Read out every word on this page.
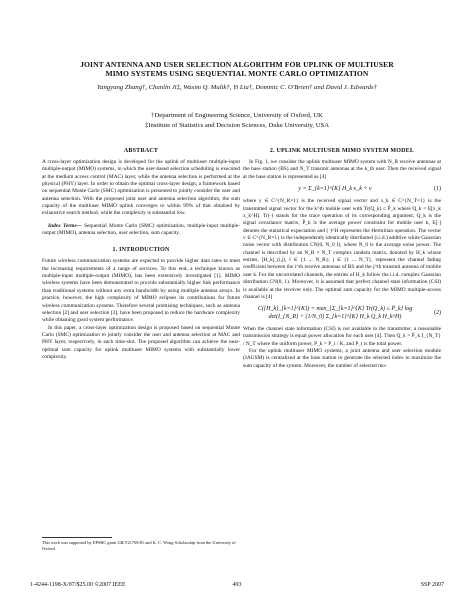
JOINT ANTENNA AND USER SELECTION ALGORITHM FOR UPLINK OF MULTIUSER
MIMO SYSTEMS USING SEQUENTIAL MONTE CARLO OPTIMIZATION
Yangyang Zhang†, Chunlin Ji‡, Wasim Q. Malik†, Yi Liu†, Dominic C. O'Brien† and David J. Edwards†
†Department of Engineering Science, University of Oxford, UK
‡Institute of Statistics and Decision Sciences, Duke University, USA
ABSTRACT

A cross-layer optimization design is developed for the uplink of multiuser multiple-input multiple-output (MIMO) systems, in which the user-based selection scheduling is executed at the medium access control (MAC) layer, while the antenna selection is performed at the physical (PHY) layer. In order to obtain the optimal cross-layer design, a framework based on sequential Monte Carlo (SMC) optimization is presented to jointly consider the user and antenna selection. With the proposed joint user and antenna selection algorithm, the sum capacity of the multiuser MIMO uplink converges to within 99% of that obtained by exhaustive search method, while the complexity is substantial low.

Index Terms— Sequential Monte Carlo (SMC) optimization, multiple-input multiple-output (MIMO), antenna selection, user selection, sum capacity.

1. INTRODUCTION

Future wireless communication systems are expected to provide higher data rates to meet the increasing requirements of a range of services. To this end, a technique known as multiple-input multiple-output (MIMO), has been extensively investigated [1]. MIMO wireless systems have been demonstrated to provide substantially higher link performance than traditional systems without any extra bandwidth by using multiple antenna arrays. In practice, however, the high complexity of MIMO eclipses its contributions for future wireless communication systems. Therefore several promising techniques, such as antenna selection [2] and user selection [3], have been proposed to reduce the hardware complexity while obtaining good system performance.

In this paper, a cross-layer optimization design is proposed based on sequential Monte Carlo (SMC) optimization to jointly consider the user and antenna selection at MAC and PHY layer, respectively, in each time-slot. The proposed algorithm can achieve the near-optimal sum capacity for uplink multiuser MIMO systems with substantially lower complexity.

This work was supported by EPSRC grant GR/T21769/01 and K. C. Wong Scholarship from the University of Oxford.
2. UPLINK MULTIUSER MIMO SYSTEM MODEL

In Fig. 1, we consider the uplink multiuser MIMO system with N_R receive antennas at the base station (BS) and N_T transmit antennas at the k_th user. Then the received signal at the base station is represented as [4]

y = Σ_{k=1}^{K} H_k x_k + v	(1)

where y ∈ C^{N_R×1} is the received signal vector and x_k ∈ C^{N_T×1} is the transmitted signal vector for the k^th mobile user with Tr(Q_k) ≤ P̄_k where Q_k = E[x_k x_k^H]. Tr(·) stands for the trace operation of its corresponding argument, Q_k is the signal covariance matrix, P̄_k is the average power constraint for mobile user k, E[·] denotes the statistical expectation and (·)^H represents the Hermitian operation. The vector v ∈ C^{N_R×1} is the independently identically distributed (i.i.d.) additive white Gaussian noise vector with distribution CN(0, N_0 I), where N_0 is the average noise power. The channel is described by an N_R × N_T complex random matrix, denoted by H_k whose entries, [H_k]_(i,j), i ∈ {1 ... N_R}; j ∈ {1 ... N_T}, represent the channel fading coefficient between the i^th receive antennas of BS and the j^th transmit antenna of mobile user k. For the uncorrelated channels, the entries of H_k follow the i.i.d. complex Gaussian distribution CN(0, 1). Moreover, it is assumed that perfect channel state information (CSI) is available at the receiver only. The optimal sum capacity for the MIMO multiple-access channel is [4]

C({H_k}_{k=1}^{K}) = max_{Σ_{k=1}^{K} Tr(Q_k) ≤ P̄_k} log det(I_{N_R} + (1/N_0) Σ_{k=1}^{K} H_k Q_k H_k^H)
(2)

When the channel state information (CSI) is not available to the transmitter, a reasonable transmission strategy is equal power allocation for each user [4]. Then Q_k = P̄_k I_{N_T} / N_T where the uniform power, P_k = P_t / K, and P_t is the total power.

For the uplink multiuser MIMO systems, a joint antenna and user selection module (JAUSM) is centralized at the base station to generate the selected index to maximize the sum capacity of the system. Moreover, the number of selected mo-

1-4244-1198-X/07/$25.00 ©2007 IEEE	493	SSP 2007
